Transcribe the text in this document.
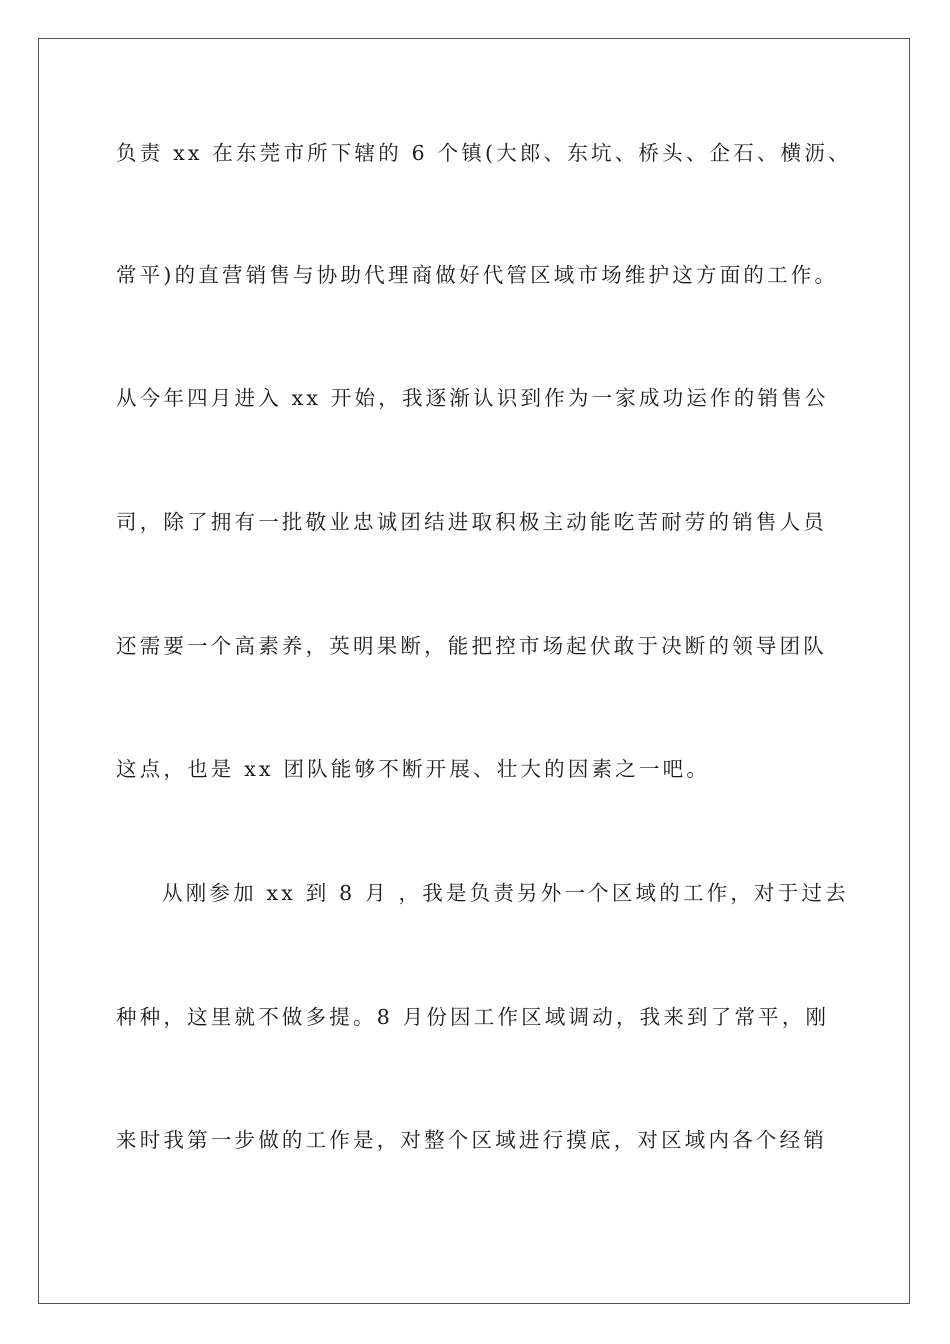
负责 xx 在东莞市所下辖的 6 个镇(大郎、东坑、桥头、企石、横沥、
常平)的直营销售与协助代理商做好代管区域市场维护这方面的工作。
从今年四月进入 xx 开始，我逐渐认识到作为一家成功运作的销售公
司，除了拥有一批敬业忠诚团结进取积极主动能吃苦耐劳的销售人员
还需要一个高素养，英明果断，能把控市场起伏敢于决断的领导团队
这点，也是 xx 团队能够不断开展、壮大的因素之一吧。
从刚参加 xx 到 8 月 ，我是负责另外一个区域的工作，对于过去
种种，这里就不做多提。8 月份因工作区域调动，我来到了常平，刚
来时我第一步做的工作是，对整个区域进行摸底，对区域内各个经销
